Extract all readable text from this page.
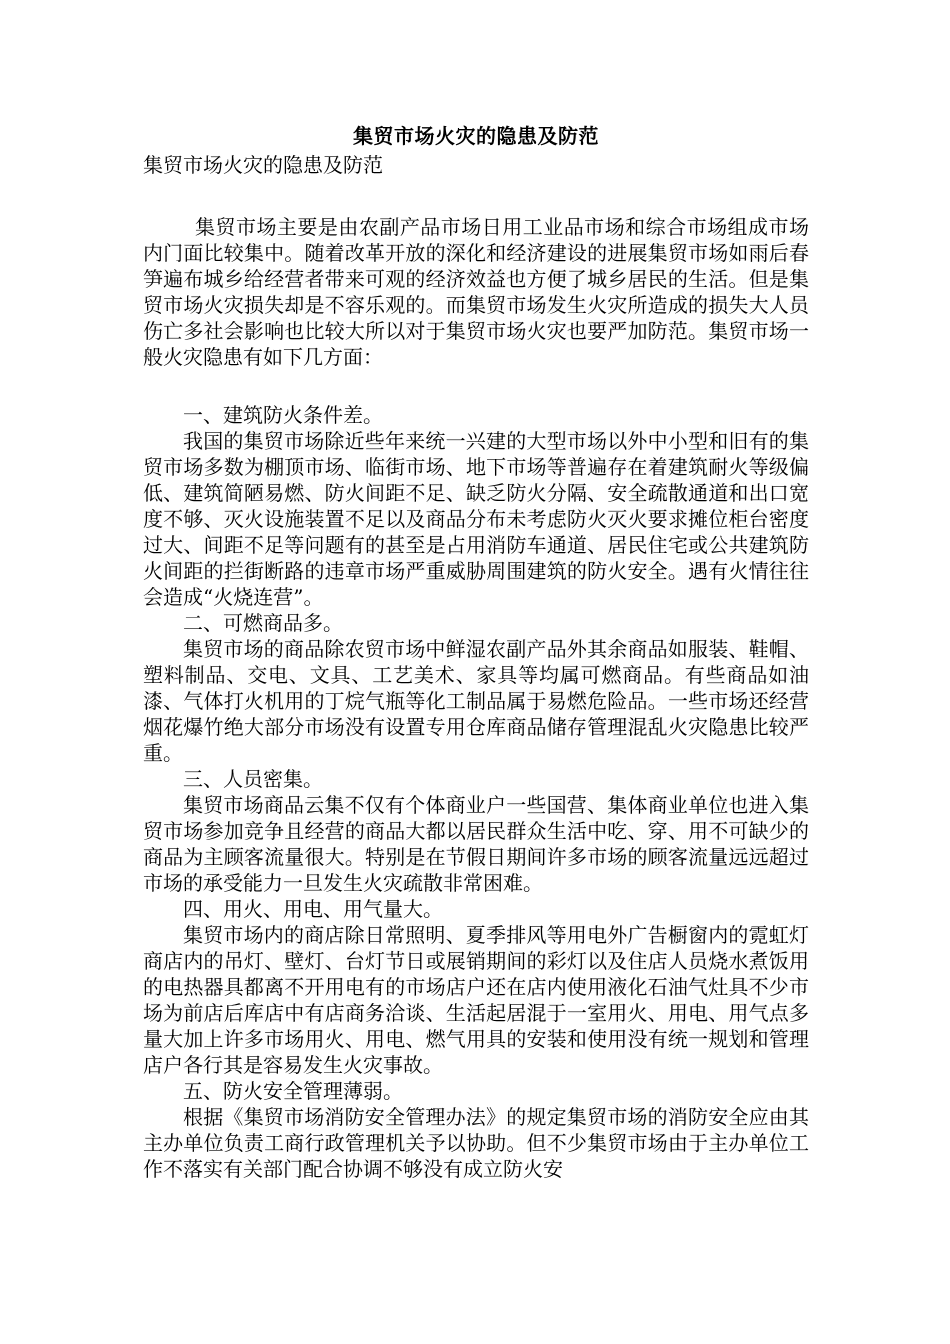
集贸市场火灾的隐患及防范

集贸市场火灾的隐患及防范

集贸市场主要是由农副产品市场日用工业品市场和综合市场组成市场内门面比较集中。随着改革开放的深化和经济建设的进展集贸市场如雨后春笋遍布城乡给经营者带来可观的经济效益也方便了城乡居民的生活。但是集贸市场火灾损失却是不容乐观的。而集贸市场发生火灾所造成的损失大人员伤亡多社会影响也比较大所以对于集贸市场火灾也要严加防范。集贸市场一般火灾隐患有如下几方面：

一、建筑防火条件差。

我国的集贸市场除近些年来统一兴建的大型市场以外中小型和旧有的集贸市场多数为棚顶市场、临街市场、地下市场等普遍存在着建筑耐火等级偏低、建筑简陋易燃、防火间距不足、缺乏防火分隔、安全疏散通道和出口宽度不够、灭火设施装置不足以及商品分布未考虑防火灭火要求摊位柜台密度过大、间距不足等问题有的甚至是占用消防车通道、居民住宅或公共建筑防火间距的拦街断路的违章市场严重威胁周围建筑的防火安全。遇有火情往往会造成“火烧连营”。

二、可燃商品多。

集贸市场的商品除农贸市场中鲜湿农副产品外其余商品如服装、鞋帽、塑料制品、交电、文具、工艺美术、家具等均属可燃商品。有些商品如油漆、气体打火机用的丁烷气瓶等化工制品属于易燃危险品。一些市场还经营烟花爆竹绝大部分市场没有设置专用仓库商品储存管理混乱火灾隐患比较严重。

三、人员密集。

集贸市场商品云集不仅有个体商业户一些国营、集体商业单位也进入集贸市场参加竞争且经营的商品大都以居民群众生活中吃、穿、用不可缺少的商品为主顾客流量很大。特别是在节假日期间许多市场的顾客流量远远超过市场的承受能力一旦发生火灾疏散非常困难。

四、用火、用电、用气量大。

集贸市场内的商店除日常照明、夏季排风等用电外广告橱窗内的霓虹灯商店内的吊灯、壁灯、台灯节日或展销期间的彩灯以及住店人员烧水煮饭用的电热器具都离不开用电有的市场店户还在店内使用液化石油气灶具不少市场为前店后库店中有店商务洽谈、生活起居混于一室用火、用电、用气点多量大加上许多市场用火、用电、燃气用具的安装和使用没有统一规划和管理店户各行其是容易发生火灾事故。

五、防火安全管理薄弱。

根据《集贸市场消防安全管理办法》的规定集贸市场的消防安全应由其主办单位负责工商行政管理机关予以协助。但不少集贸市场由于主办单位工作不落实有关部门配合协调不够没有成立防火安
